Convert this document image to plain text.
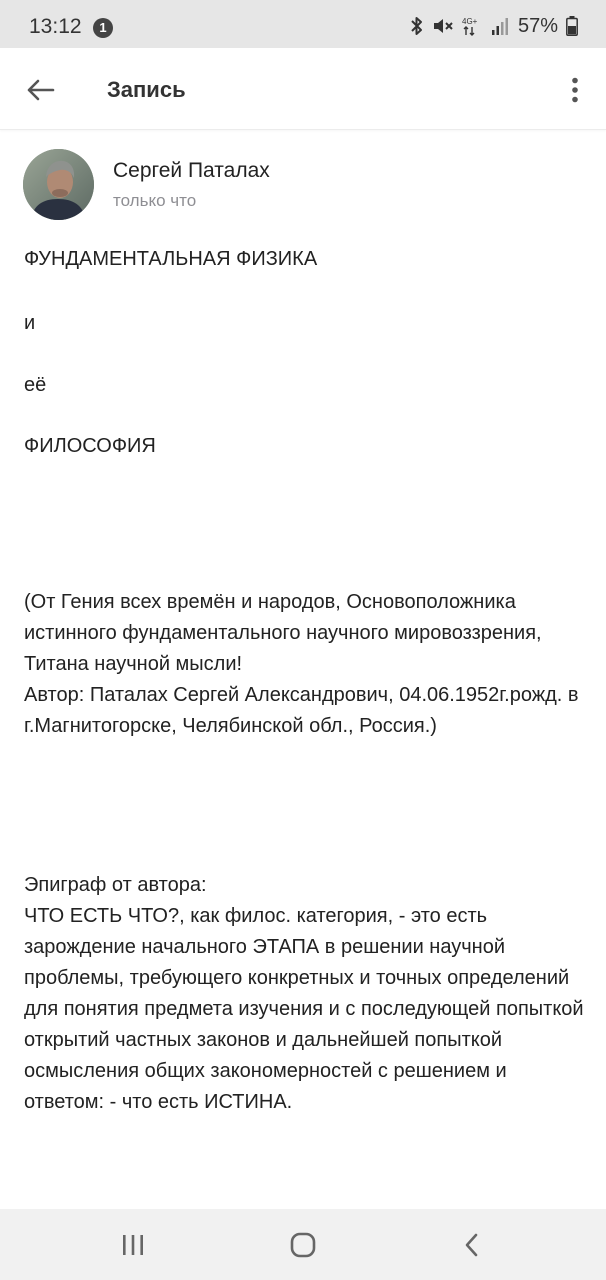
13:12	1	4G+ 57%
Запись
Сергей Паталах
только что
ФУНДАМЕНТАЛЬНАЯ ФИЗИКА
и
её
ФИЛОСОФИЯ
(От Гения всех времён и народов, Основоположника истинного фундаментального научного мировоззрения, Титана научной мысли!
Автор: Паталах Сергей Александрович, 04.06.1952г.рожд. в г.Магнитогорске, Челябинской обл., Россия.)
Эпиграф от автора:
ЧТО ЕСТЬ ЧТО?, как филос. категория, - это есть зарождение начального ЭТАПА в решении научной проблемы, требующего конкретных и точных определений для понятия предмета изучения и с последующей попыткой открытий частных законов и дальнейшей попыткой осмысления общих закономерностей с решением и ответом: - что есть ИСТИНА.
